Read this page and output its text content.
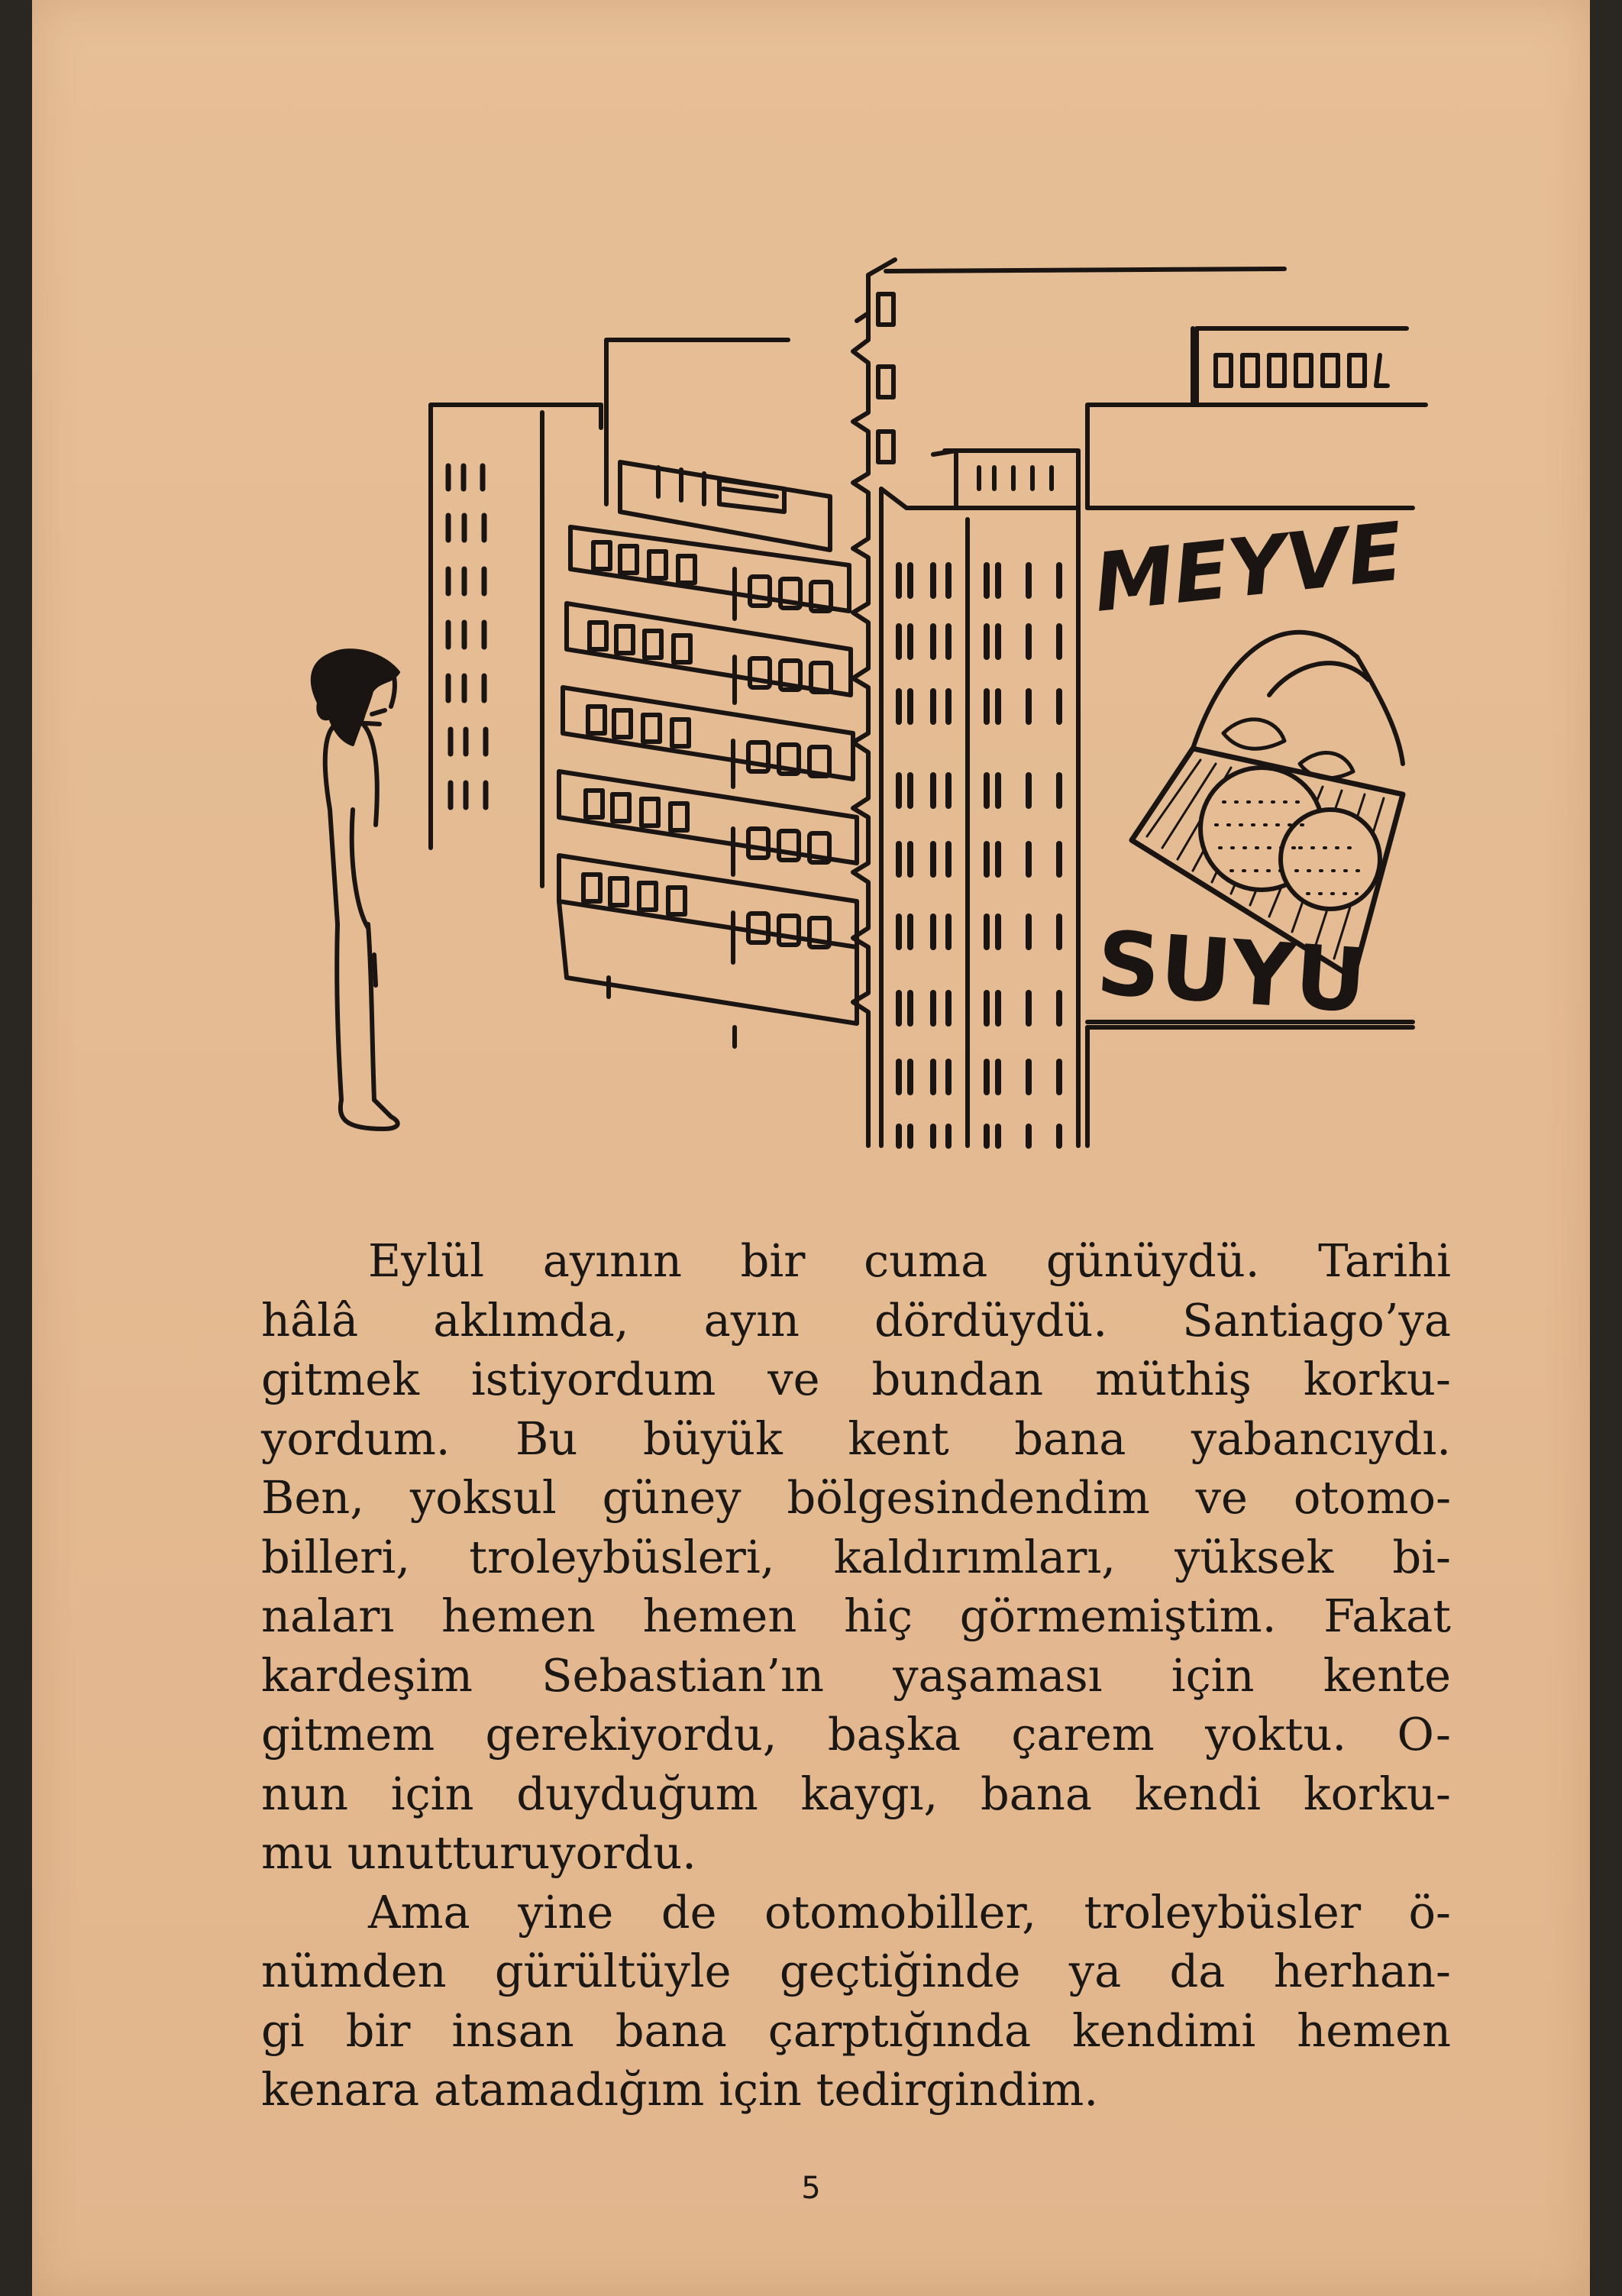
MEYVE
SUYU
Eylül ayının bir cuma günüydü. Tarihi
hâlâ aklımda, ayın dördüydü. Santiago’ya
gitmek istiyordum ve bundan müthiş korku-
yordum. Bu büyük kent bana yabancıydı.
Ben, yoksul güney bölgesindendim ve otomo-
billeri, troleybüsleri, kaldırımları, yüksek bi-
naları hemen hemen hiç görmemiştim. Fakat
kardeşim Sebastian’ın yaşaması için kente
gitmem gerekiyordu, başka çarem yoktu. O-
nun için duyduğum kaygı, bana kendi korku-
mu unutturuyordu.
Ama yine de otomobiller, troleybüsler ö-
nümden gürültüyle geçtiğinde ya da herhan-
gi bir insan bana çarptığında kendimi hemen
kenara atamadığım için tedirgindim.
5
